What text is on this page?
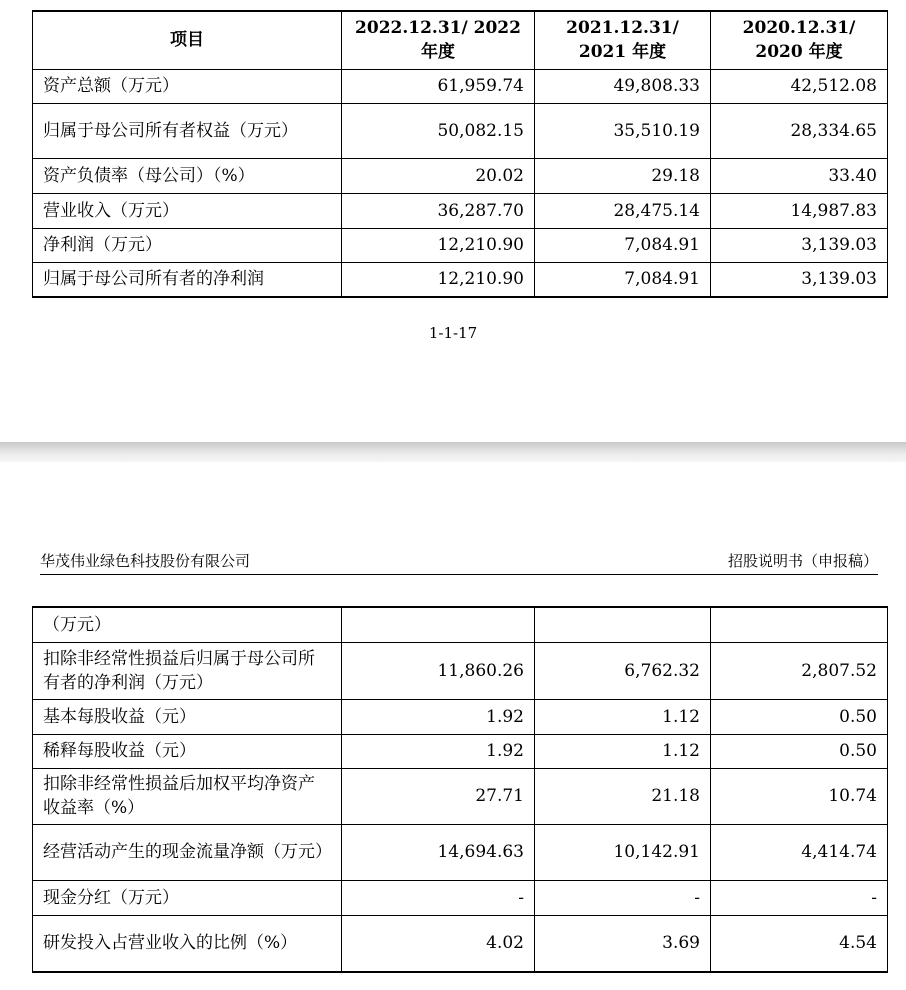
项目	2022.12.31/ 2022 年度	2021.12.31/ 2021 年度	2020.12.31/ 2020 年度
资产总额（万元）	61,959.74	49,808.33	42,512.08
归属于母公司所有者权益（万元）	50,082.15	35,510.19	28,334.65
资产负债率（母公司）（%）	20.02	29.18	33.40
营业收入（万元）	36,287.70	28,475.14	14,987.83
净利润（万元）	12,210.90	7,084.91	3,139.03
归属于母公司所有者的净利润	12,210.90	7,084.91	3,139.03
1-1-17
华茂伟业绿色科技股份有限公司	招股说明书（申报稿）
（万元）			
扣除非经常性损益后归属于母公司所有者的净利润（万元）	11,860.26	6,762.32	2,807.52
基本每股收益（元）	1.92	1.12	0.50
稀释每股收益（元）	1.92	1.12	0.50
扣除非经常性损益后加权平均净资产收益率（%）	27.71	21.18	10.74
经营活动产生的现金流量净额（万元）	14,694.63	10,142.91	4,414.74
现金分红（万元）	-	-	-
研发投入占营业收入的比例（%）	4.02	3.69	4.54
